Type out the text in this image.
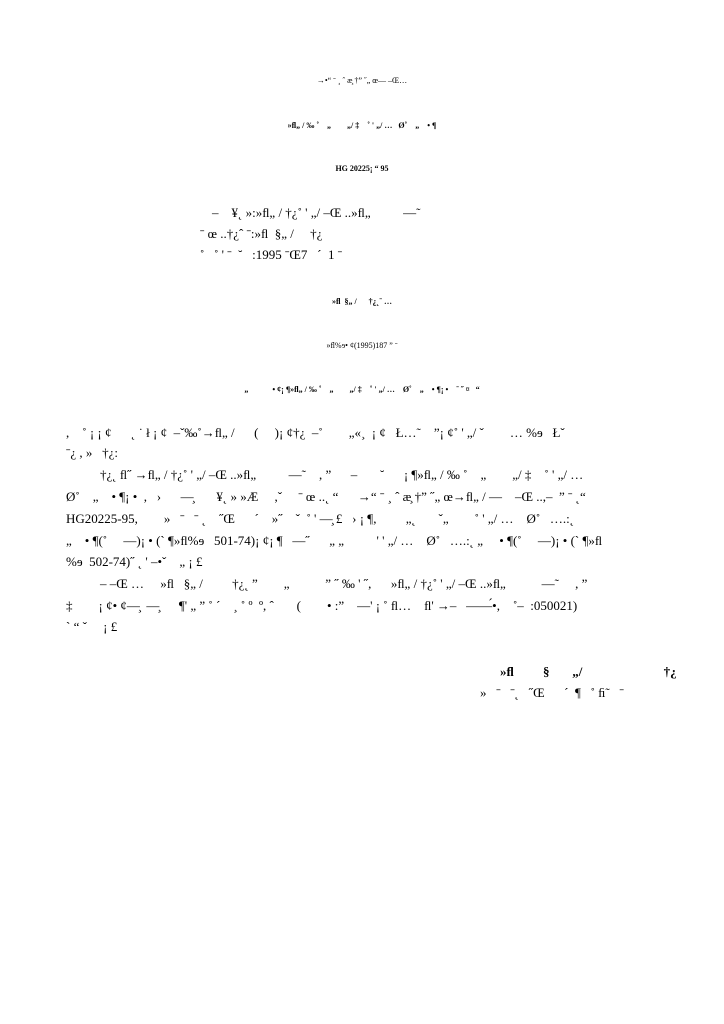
→•“ ˉ ¸ ˆ æ̧ †” ˝„ œ— –Œ…
»ﬂ„ / ‰ ˚    „        „/ ‡    ˚ ' „/ …   Ø˚    „    • ¶
HG 20225¡ “ 95
–    ¥˛ »:»ﬂ„ / †¿˚ ' „/ –Œ ..»ﬂ„          —˜
ˉ œ ..†¿ˆ ˉ:»ﬂ  §„ /     †¿
˚   ˚ ' ˉ  ˘   :1995 ˉŒ7   ´  1 ˉ
»ﬂ  §„ /      †¿˛ˉ …
»ﬂ%ɘ• ¢(1995)187 ” ˉ
„            • ¢¡ ¶»ﬂ„ / ‰ ˚    „        „/ ‡    ˚ ' „/ …    Ø˚    „    • ¶¡ •    ˉ ˝ ¤   “
,    ˚ ¡ ¡ ¢      ˛ ˙ ł ¡ ¢  –ˇ‰˚→ﬂ„ /      (     )¡ ¢†¿  –˚        „«¸  ¡ ¢   Ł…˜    ”¡ ¢˚ ' „/ ˇ        … %ɘ   Łˇ
ˉ¿ , »   †¿:
†¿˛ ﬂ˝ →ﬂ„ / †¿˚ ' „/ –Œ ..»ﬂ„          —˜    , ”      –       ˘      ¡ ¶»ﬂ„ / ‰ ˚    „        „/ ‡    ˚ ' „/ …
Ø˚    „    • ¶¡ •  ,   ›      —̧       ¥˛ » »Æ     ,ˇ     ˉ œ ..˛ “      →“ ˉ ¸ ˆ æ̧ †” ˝„ œ→ﬂ„ / —    –Œ ..,–  ” ˉ ˛“
HG20225-95,        »   ˉ   ˉ ˛    ˝Œ      ´    »˝    ˇ  ˚ ' —̧ £   › ¡ ¶,         „˛       ˇ„        ˚ ' „/ …    Ø˚   ….:˛
„    • ¶(˚     —)¡ • (` ¶»ﬂ%ɘ   501-74)¡ ¢¡ ¶   —˝      „ „          ' ' „/ …    Ø˚   ….:˛ „     • ¶(˚     —)¡ • (` ¶»ﬂ
%ɘ  502-74)˝ ˛ ' –•ˇ    „ ¡ £
– –Œ …     »ﬂ   §„ /         †¿˛ ”        „           ” ˝ ‰ ' ˝,      »ﬂ„ / †¿˚ ' „/ –Œ ..»ﬂ„           —˜     , ”
‡        ¡ ¢• ¢—̧  —̧      ¶' „ ” ˚ ´    ¸ ˚ º  º, ˆ       (        • :”    —' ¡ ˚ ﬂ…    ﬂ' →–   ——́•,    ˚–  :050021)
` “ ˇ     ¡ £
»ﬂ         §       „/                         †¿
»   ˉ   ˉ˛   ˝Œ      ´  ¶   ˚ ﬁ˜   ˉ
